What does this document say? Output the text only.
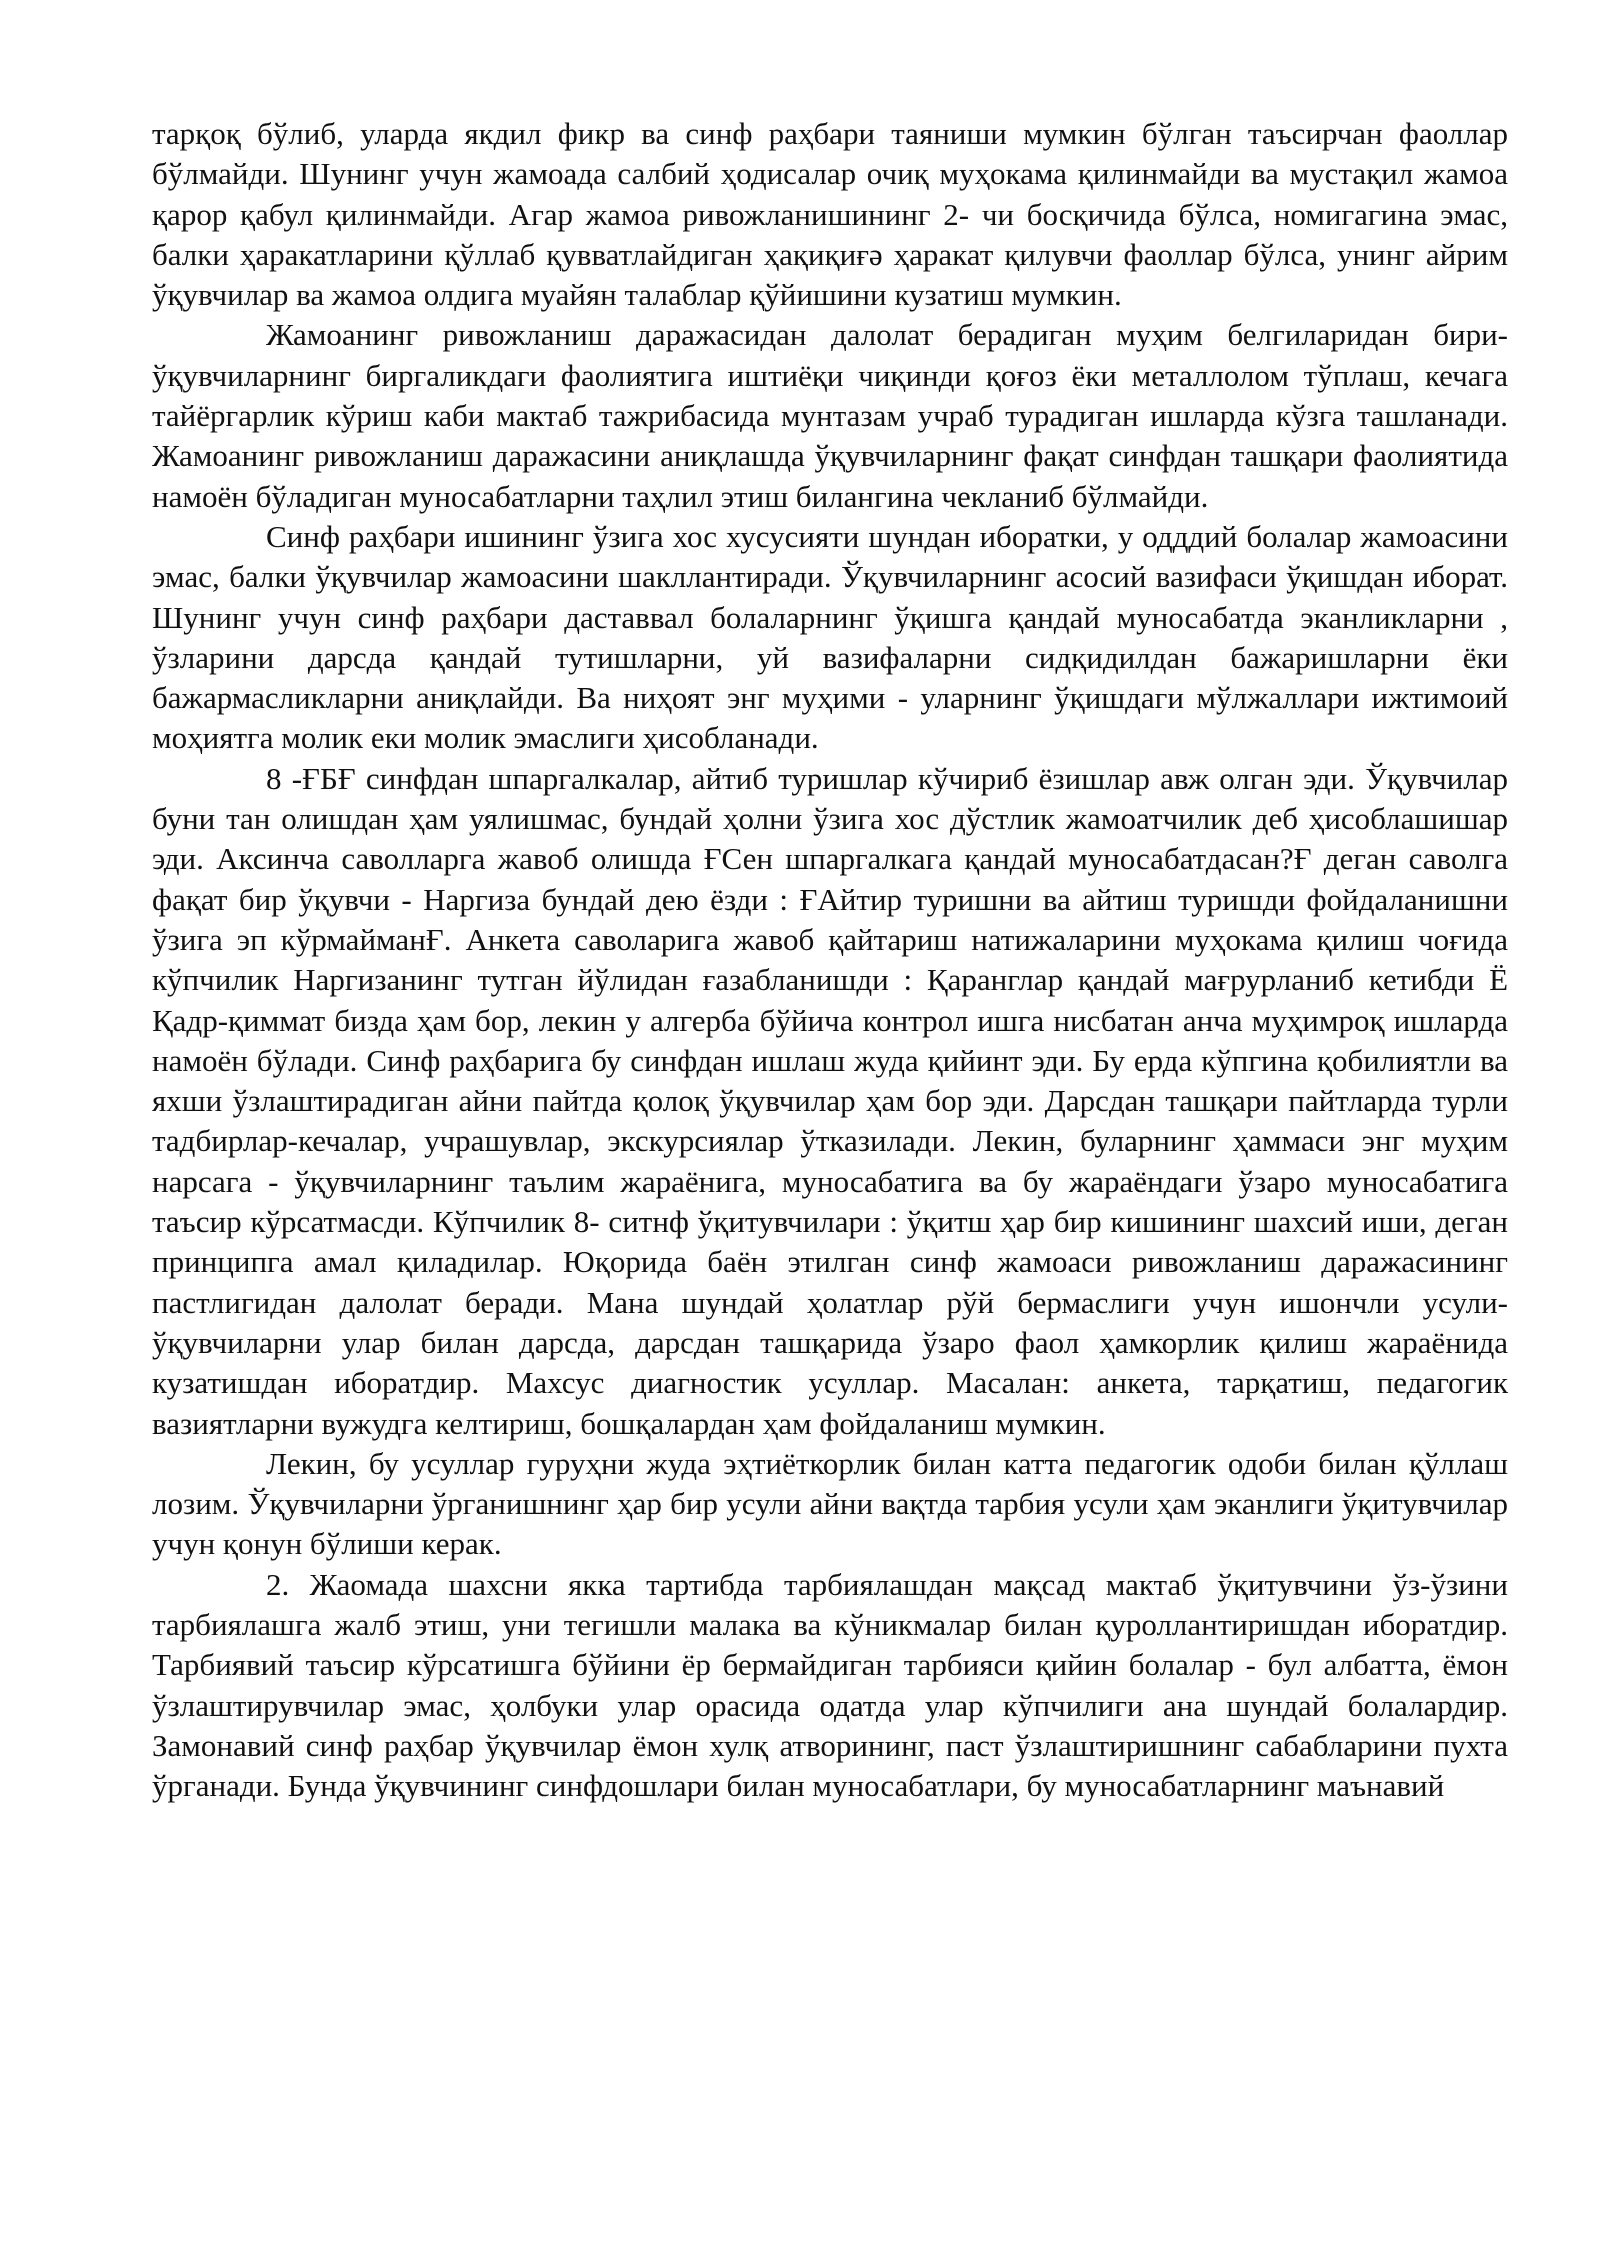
тарқоқ бўлиб, уларда якдил фикр ва синф раҳбари таяниши мумкин бўлган таъсирчан фаоллар бўлмайди. Шунинг учун жамоада салбий ҳодисалар очиқ муҳокама қилинмайди ва мустақил жамоа қарор қабул қилинмайди. Агар жамоа ривожланишининг 2- чи босқичида бўлса, номигагина эмас, балки ҳаракатларини қўллаб қувватлайдиган ҳақиқиғә ҳаракат қилувчи фаоллар бўлса, унинг айрим ўқувчилар ва жамоа олдига муайян талаблар қўйишини кузатиш мумкин.

Жамоанинг ривожланиш даражасидан далолат берадиган муҳим белгиларидан бири- ўқувчиларнинг биргаликдаги фаолиятига иштиёқи чиқинди қоғоз ёки металлолом тўплаш, кечага тайёргарлик кўриш каби мактаб тажрибасида мунтазам учраб турадиган ишларда кўзга ташланади. Жамоанинг ривожланиш даражасини аниқлашда ўқувчиларнинг фақат синфдан ташқари фаолиятида намоён бўладиган муносабатларни таҳлил этиш билангина чекланиб бўлмайди.

Синф раҳбари ишининг ўзига хос хусусияти шундан иборатки, у одддий болалар жамоасини эмас, балки ўқувчилар жамоасини шакллантиради. Ўқувчиларнинг асосий вазифаси ўқишдан иборат. Шунинг учун синф раҳбари даставвал болаларнинг ўқишга қандай муносабатда эканликларни , ўзларини дарсда қандай тутишларни, уй вазифаларни сидқидилдан бажаришларни ёки бажармасликларни аниқлайди. Ва ниҳоят энг муҳими - уларнинг ўқишдаги мўлжаллари ижтимоий моҳиятга молик еки молик эмаслиги ҳисобланади.

8 -ҒБҒ синфдан шпаргалкалар, айтиб туришлар кўчириб ёзишлар авж олган эди. Ўқувчилар буни тан олишдан ҳам уялишмас, бундай ҳолни ўзига хос дўстлик жамоатчилик деб ҳисоблашишар эди. Аксинча саволларга жавоб олишда ҒСен шпаргалкага қандай муносабатдасан?Ғ деган саволга фақат бир ўқувчи - Наргиза бундай дею ёзди : ҒАйтир туришни ва айтиш туришди фойдаланишни ўзига эп кўрмайманҒ. Анкета саволарига жавоб қайтариш натижаларини муҳокама қилиш чоғида кўпчилик Наргизанинг тутган йўлидан ғазабланишди : Қаранглар қандай мағрурланиб кетибди Ё Қадр-қиммат бизда ҳам бор, лекин у алгерба бўйича контрол ишга нисбатан анча муҳимроқ ишларда намоён бўлади. Синф раҳбарига бу синфдан ишлаш жуда қийинт эди. Бу ерда кўпгина қобилиятли ва яхши ўзлаштирадиган айни пайтда қолоқ ўқувчилар ҳам бор эди. Дарсдан ташқари пайтларда турли тадбирлар-кечалар, учрашувлар, экскурсиялар ўтказилади. Лекин, буларнинг ҳаммаси энг муҳим нарсага - ўқувчиларнинг таълим жараёнига, муносабатига ва бу жараёндаги ўзаро муносабатига таъсир кўрсатмасди. Кўпчилик 8- ситнф ўқитувчилари : ўқитш ҳар бир кишининг шахсий иши, деган принципга амал қиладилар. Юқорида баён этилган синф жамоаси ривожланиш даражасининг пастлигидан далолат беради. Мана шундай ҳолатлар рўй бермаслиги учун ишончли усули-ўқувчиларни улар билан дарсда, дарсдан ташқарида ўзаро фаол ҳамкорлик қилиш жараёнида кузатишдан иборатдир. Махсус диагностик усуллар. Масалан: анкета, тарқатиш, педагогик вазиятларни вужудга келтириш, бошқалардан ҳам фойдаланиш мумкин.

Лекин, бу усуллар гуруҳни жуда эҳтиёткорлик билан катта педагогик одоби билан қўллаш лозим. Ўқувчиларни ўрганишнинг ҳар бир усули айни вақтда тарбия усули ҳам эканлиги ўқитувчилар учун қонун бўлиши керак.

2. Жаомада шахсни якка тартибда тарбиялашдан мақсад мактаб ўқитувчини ўз-ўзини тарбиялашга жалб этиш, уни тегишли малака ва кўникмалар билан қуроллантиришдан иборатдир. Тарбиявий таъсир кўрсатишга бўйини ёр бермайдиган тарбияси қийин болалар - бул албатта, ёмон ўзлаштирувчилар эмас, ҳолбуки улар орасида одатда улар кўпчилиги ана шундай болалардир. Замонавий синф раҳбар ўқувчилар ёмон хулқ атворининг, паст ўзлаштиришнинг сабабларини пухта ўрганади. Бунда ўқувчининг синфдошлари билан муносабатлари, бу муносабатларнинг маънавий
